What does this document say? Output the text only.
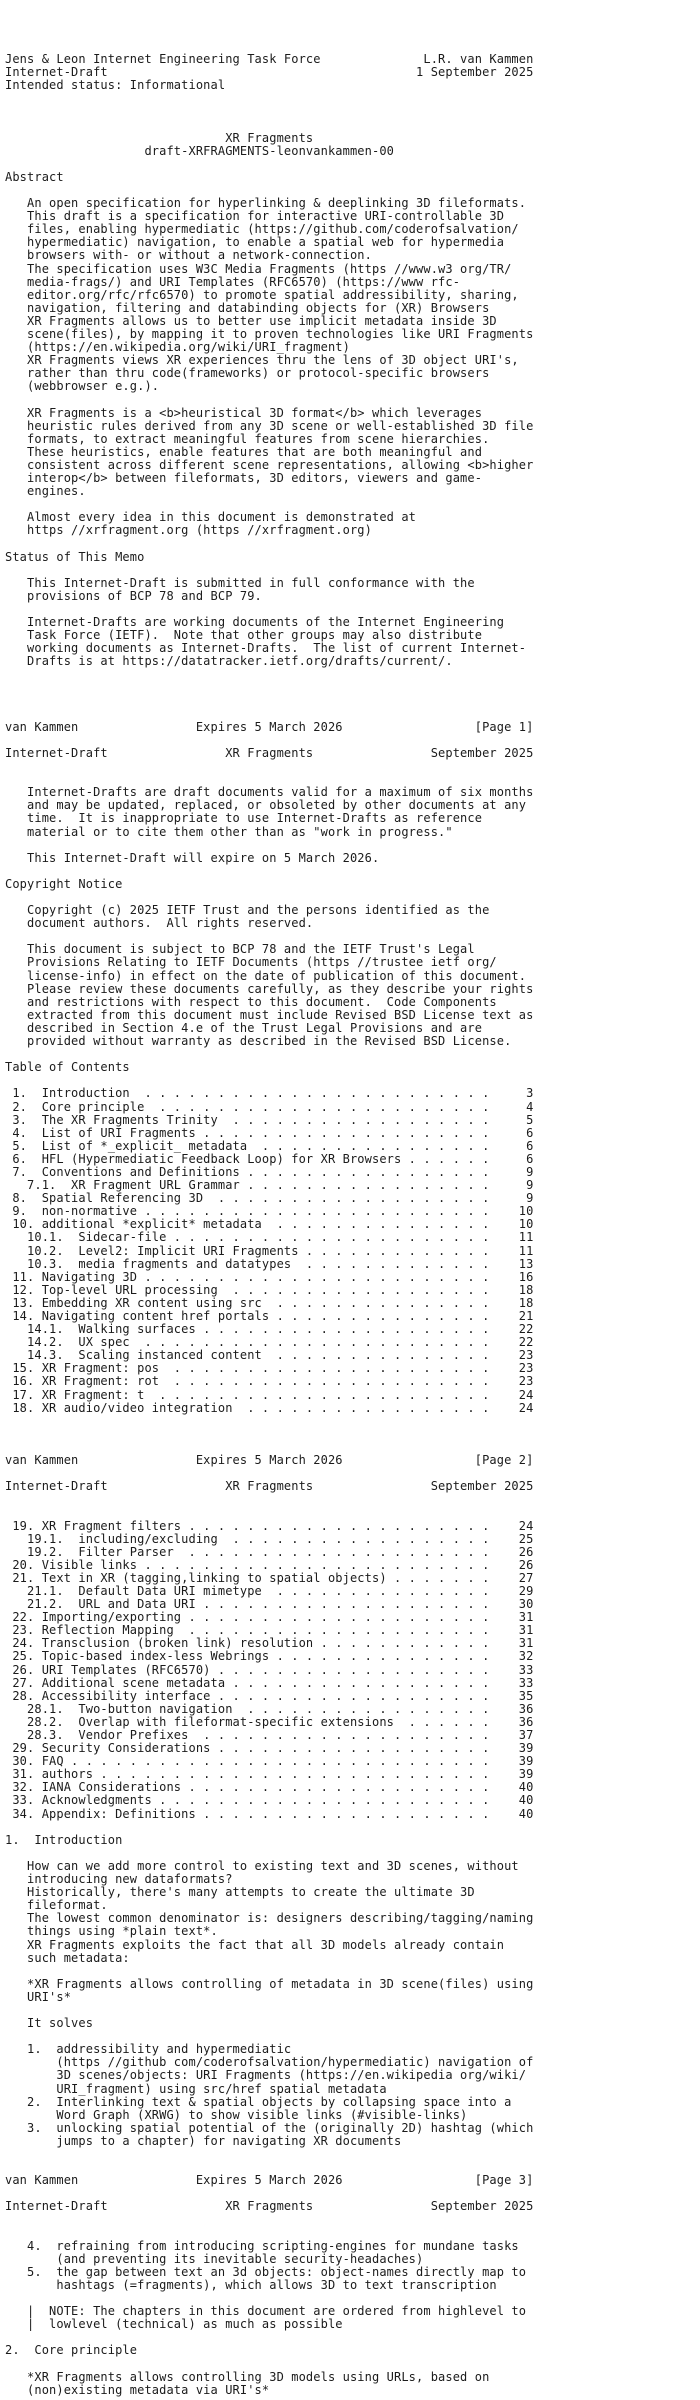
Jens & Leon Internet Engineering Task Force              L.R. van Kammen
Internet-Draft                                          1 September 2025
Intended status: Informational
XR Fragments
draft-XRFRAGMENTS-leonvankammen-00
Abstract
An open specification for hyperlinking & deeplinking 3D fileformats.
This draft is a specification for interactive URI-controllable 3D
files, enabling hypermediatic (https://github.com/coderofsalvation/
hypermediatic) navigation, to enable a spatial web for hypermedia
browsers with- or without a network-connection.
The specification uses W3C Media Fragments (https //www.w3 org/TR/
media-frags/) and URI Templates (RFC6570) (https://www rfc-
editor.org/rfc/rfc6570) to promote spatial addressibility, sharing,
navigation, filtering and databinding objects for (XR) Browsers
XR Fragments allows us to better use implicit metadata inside 3D
scene(files), by mapping it to proven technologies like URI Fragments
(https://en.wikipedia.org/wiki/URI_fragment)
XR Fragments views XR experiences thru the lens of 3D object URI's,
rather than thru code(frameworks) or protocol-specific browsers
(webbrowser e.g.).
XR Fragments is a <b>heuristical 3D format</b> which leverages
heuristic rules derived from any 3D scene or well-established 3D file
formats, to extract meaningful features from scene hierarchies.
These heuristics, enable features that are both meaningful and
consistent across different scene representations, allowing <b>higher
interop</b> between fileformats, 3D editors, viewers and game-
engines.
Almost every idea in this document is demonstrated at
https //xrfragment.org (https //xrfragment.org)
Status of This Memo
This Internet-Draft is submitted in full conformance with the
provisions of BCP 78 and BCP 79.
Internet-Drafts are working documents of the Internet Engineering
Task Force (IETF).  Note that other groups may also distribute
working documents as Internet-Drafts.  The list of current Internet-
Drafts is at https://datatracker.ietf.org/drafts/current/.
van Kammen                Expires 5 March 2026                  [Page 1]
Internet-Draft                XR Fragments                September 2025
Internet-Drafts are draft documents valid for a maximum of six months
and may be updated, replaced, or obsoleted by other documents at any
time.  It is inappropriate to use Internet-Drafts as reference
material or to cite them other than as "work in progress."
This Internet-Draft will expire on 5 March 2026.
Copyright Notice
Copyright (c) 2025 IETF Trust and the persons identified as the
document authors.  All rights reserved.
This document is subject to BCP 78 and the IETF Trust's Legal
Provisions Relating to IETF Documents (https //trustee ietf org/
license-info) in effect on the date of publication of this document.
Please review these documents carefully, as they describe your rights
and restrictions with respect to this document.  Code Components
extracted from this document must include Revised BSD License text as
described in Section 4.e of the Trust Legal Provisions and are
provided without warranty as described in the Revised BSD License.
Table of Contents
1.  Introduction  . . . . . . . . . . . . . . . . . . . . . . . .     3
2.  Core principle  . . . . . . . . . . . . . . . . . . . . . . .     4
3.  The XR Fragments Trinity  . . . . . . . . . . . . . . . . . .     5
4.  List of URI Fragments . . . . . . . . . . . . . . . . . . . .     6
5.  List of *_explicit_ metadata  . . . . . . . . . . . . . . . .     6
6.  HFL (Hypermediatic Feedback Loop) for XR Browsers . . . . . .     6
7.  Conventions and Definitions . . . . . . . . . . . . . . . . .     9
7.1.  XR Fragment URL Grammar . . . . . . . . . . . . . . . . .     9
8.  Spatial Referencing 3D  . . . . . . . . . . . . . . . . . . .     9
9.  non-normative . . . . . . . . . . . . . . . . . . . . . . . .    10
10. additional *explicit* metadata  . . . . . . . . . . . . . . .    10
10.1.  Sidecar-file . . . . . . . . . . . . . . . . . . . . . .    11
10.2.  Level2: Implicit URI Fragments . . . . . . . . . . . . .    11
10.3.  media fragments and datatypes  . . . . . . . . . . . . .    13
11. Navigating 3D . . . . . . . . . . . . . . . . . . . . . . . .    16
12. Top-level URL processing  . . . . . . . . . . . . . . . . . .    18
13. Embedding XR content using src  . . . . . . . . . . . . . . .    18
14. Navigating content href portals . . . . . . . . . . . . . . .    21
14.1.  Walking surfaces . . . . . . . . . . . . . . . . . . . .    22
14.2.  UX spec  . . . . . . . . . . . . . . . . . . . . . . . .    22
14.3.  Scaling instanced content  . . . . . . . . . . . . . . .    23
15. XR Fragment: pos  . . . . . . . . . . . . . . . . . . . . . .    23
16. XR Fragment: rot  . . . . . . . . . . . . . . . . . . . . . .    23
17. XR Fragment: t  . . . . . . . . . . . . . . . . . . . . . . .    24
18. XR audio/video integration  . . . . . . . . . . . . . . . . .    24
van Kammen                Expires 5 March 2026                  [Page 2]
Internet-Draft                XR Fragments                September 2025
19. XR Fragment filters . . . . . . . . . . . . . . . . . . . . .    24
19.1.  including/excluding  . . . . . . . . . . . . . . . . . .    25
19.2.  Filter Parser  . . . . . . . . . . . . . . . . . . . . .    26
20. Visible links . . . . . . . . . . . . . . . . . . . . . . . .    26
21. Text in XR (tagging,linking to spatial objects) . . . . . . .    27
21.1.  Default Data URI mimetype  . . . . . . . . . . . . . . .    29
21.2.  URL and Data URI . . . . . . . . . . . . . . . . . . . .    30
22. Importing/exporting . . . . . . . . . . . . . . . . . . . . .    31
23. Reflection Mapping  . . . . . . . . . . . . . . . . . . . . .    31
24. Transclusion (broken link) resolution . . . . . . . . . . . .    31
25. Topic-based index-less Webrings . . . . . . . . . . . . . . .    32
26. URI Templates (RFC6570) . . . . . . . . . . . . . . . . . . .    33
27. Additional scene metadata . . . . . . . . . . . . . . . . . .    33
28. Accessibility interface . . . . . . . . . . . . . . . . . . .    35
28.1.  Two-button navigation  . . . . . . . . . . . . . . . . .    36
28.2.  Overlap with fileformat-specific extensions  . . . . . .    36
28.3.  Vendor Prefixes  . . . . . . . . . . . . . . . . . . . .    37
29. Security Considerations . . . . . . . . . . . . . . . . . . .    39
30. FAQ . . . . . . . . . . . . . . . . . . . . . . . . . . . . .    39
31. authors . . . . . . . . . . . . . . . . . . . . . . . . . . .    39
32. IANA Considerations . . . . . . . . . . . . . . . . . . . . .    40
33. Acknowledgments . . . . . . . . . . . . . . . . . . . . . . .    40
34. Appendix: Definitions . . . . . . . . . . . . . . . . . . . .    40
1.  Introduction
How can we add more control to existing text and 3D scenes, without
introducing new dataformats?
Historically, there's many attempts to create the ultimate 3D
fileformat.
The lowest common denominator is: designers describing/tagging/naming
things using *plain text*.
XR Fragments exploits the fact that all 3D models already contain
such metadata:
*XR Fragments allows controlling of metadata in 3D scene(files) using
URI's*
It solves
1.  addressibility and hypermediatic
(https //github com/coderofsalvation/hypermediatic) navigation of
3D scenes/objects: URI Fragments (https://en.wikipedia org/wiki/
URI_fragment) using src/href spatial metadata
2.  Interlinking text & spatial objects by collapsing space into a
Word Graph (XRWG) to show visible links (#visible-links)
3.  unlocking spatial potential of the (originally 2D) hashtag (which
jumps to a chapter) for navigating XR documents
van Kammen                Expires 5 March 2026                  [Page 3]
Internet-Draft                XR Fragments                September 2025
4.  refraining from introducing scripting-engines for mundane tasks
(and preventing its inevitable security-headaches)
5.  the gap between text an 3d objects: object-names directly map to
hashtags (=fragments), which allows 3D to text transcription
|  NOTE: The chapters in this document are ordered from highlevel to
|  lowlevel (technical) as much as possible
2.  Core principle
*XR Fragments allows controlling 3D models using URLs, based on
(non)existing metadata via URI's*
